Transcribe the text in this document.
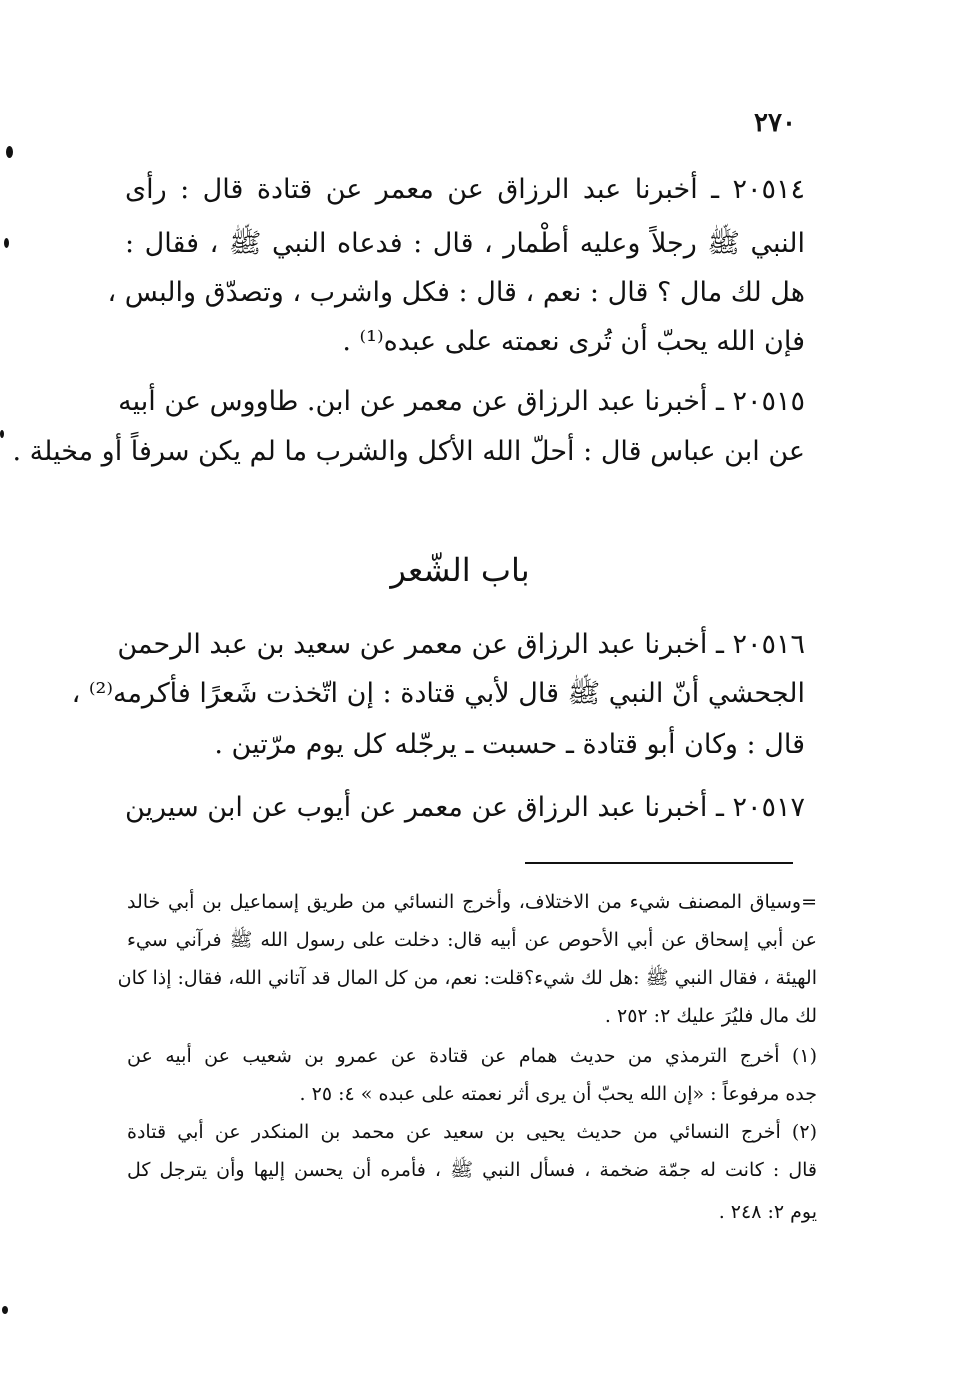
٢٧٠
٢٠٥١٤ ـ أخبرنا عبد الرزاق عن معمر عن قتادة قال : رأى
النبي ﷺ رجلاً وعليه أطْمار ، قال : فدعاه النبي ﷺ ، فقال :
هل لك مال ؟ قال : نعم ، قال : فكل واشرب ، وتصدّق والبس ،
فإن الله يحبّ أن تُرى نعمته على عبده⁽¹⁾ .
٢٠٥١٥ ـ أخبرنا عبد الرزاق عن معمر عن ابن. طاووس عن أبيه
عن ابن عباس قال : أحلّ الله الأكل والشرب ما لم يكن سرفاً أو مخيلة .
باب الشّعر
٢٠٥١٦ ـ أخبرنا عبد الرزاق عن معمر عن سعيد بن عبد الرحمن
الجحشي أنّ النبي ﷺ قال لأبي قتادة : إن اتّخذت شَعرًا فأكرمه⁽²⁾ ،
قال : وكان أبو قتادة ـ حسبت ـ يرجّله كل يوم مرّتين .
٢٠٥١٧ ـ أخبرنا عبد الرزاق عن معمر عن أيوب عن ابن سيرين
=وسياق المصنف شيء من الاختلاف، وأخرج النسائي من طريق إسماعيل بن أبي خالد
عن أبي إسحاق عن أبي الأحوص عن أبيه قال: دخلت على رسول الله ﷺ فرآني سيء
الهيئة ، فقال النبي ﷺ :هل لك شيء؟قلت: نعم، من كل المال قد آتاني الله، فقال: إذا كان
لك مال فليُرَ عليك ٢: ٢٥٢ .
(١) أخرج الترمذي من حديث همام عن قتادة عن عمرو بن شعيب عن أبيه عن
جده مرفوعاً : «إن الله يحبّ أن يرى أثر نعمته على عبده » ٤: ٢٥ .
(٢) أخرج النسائي من حديث يحيى بن سعيد عن محمد بن المنكدر عن أبي قتادة
قال : كانت له جمّة ضخمة ، فسأل النبي ﷺ ، فأمره أن يحسن إليها وأن يترجل كل
يوم ٢: ٢٤٨ .
